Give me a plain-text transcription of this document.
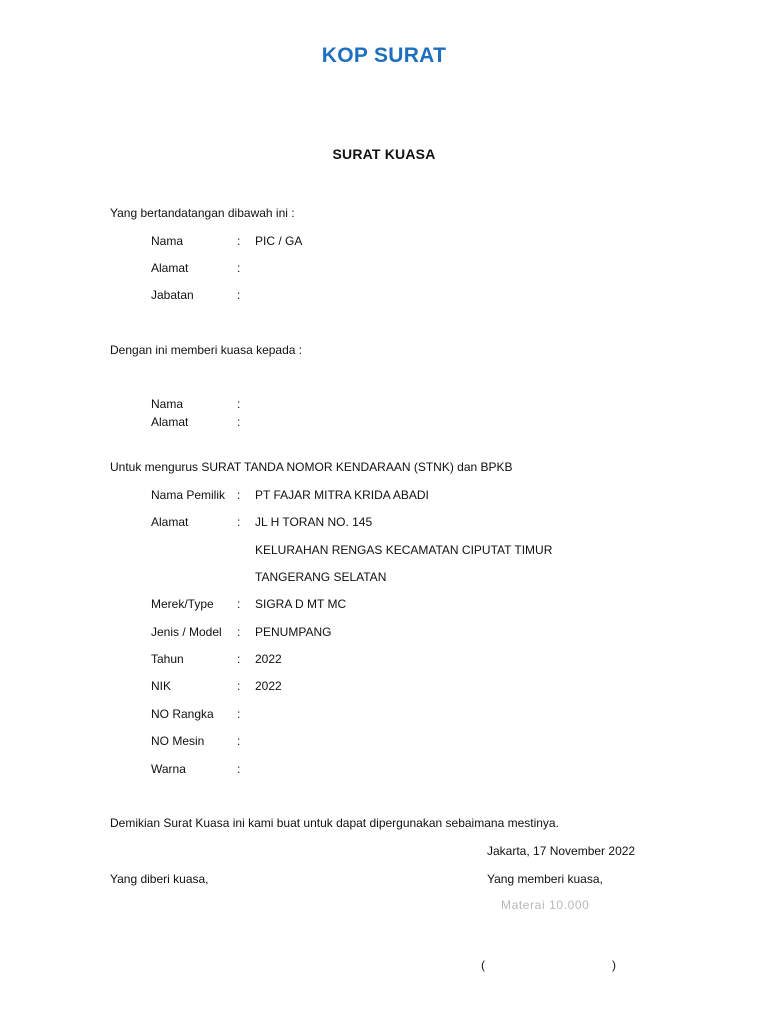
KOP SURAT
SURAT KUASA
Yang bertandatangan dibawah ini :
Nama	: PIC / GA
Alamat	:
Jabatan	:
Dengan ini memberi kuasa kepada :
Nama	:
Alamat	:
Untuk mengurus SURAT TANDA NOMOR KENDARAAN (STNK) dan BPKB
Nama Pemilik : PT FAJAR MITRA KRIDA ABADI
Alamat	: JL H TORAN NO. 145
KELURAHAN RENGAS KECAMATAN CIPUTAT TIMUR
TANGERANG SELATAN
Merek/Type : SIGRA D MT MC
Jenis / Model : PENUMPANG
Tahun	: 2022
NIK	: 2022
NO Rangka :
NO Mesin	:
Warna	:
Demikian Surat Kuasa ini kami buat untuk dapat dipergunakan sebaimana mestinya.
Jakarta, 17 November 2022
Yang diberi kuasa,	Yang memberi kuasa,
Materai 10.000
(	)
